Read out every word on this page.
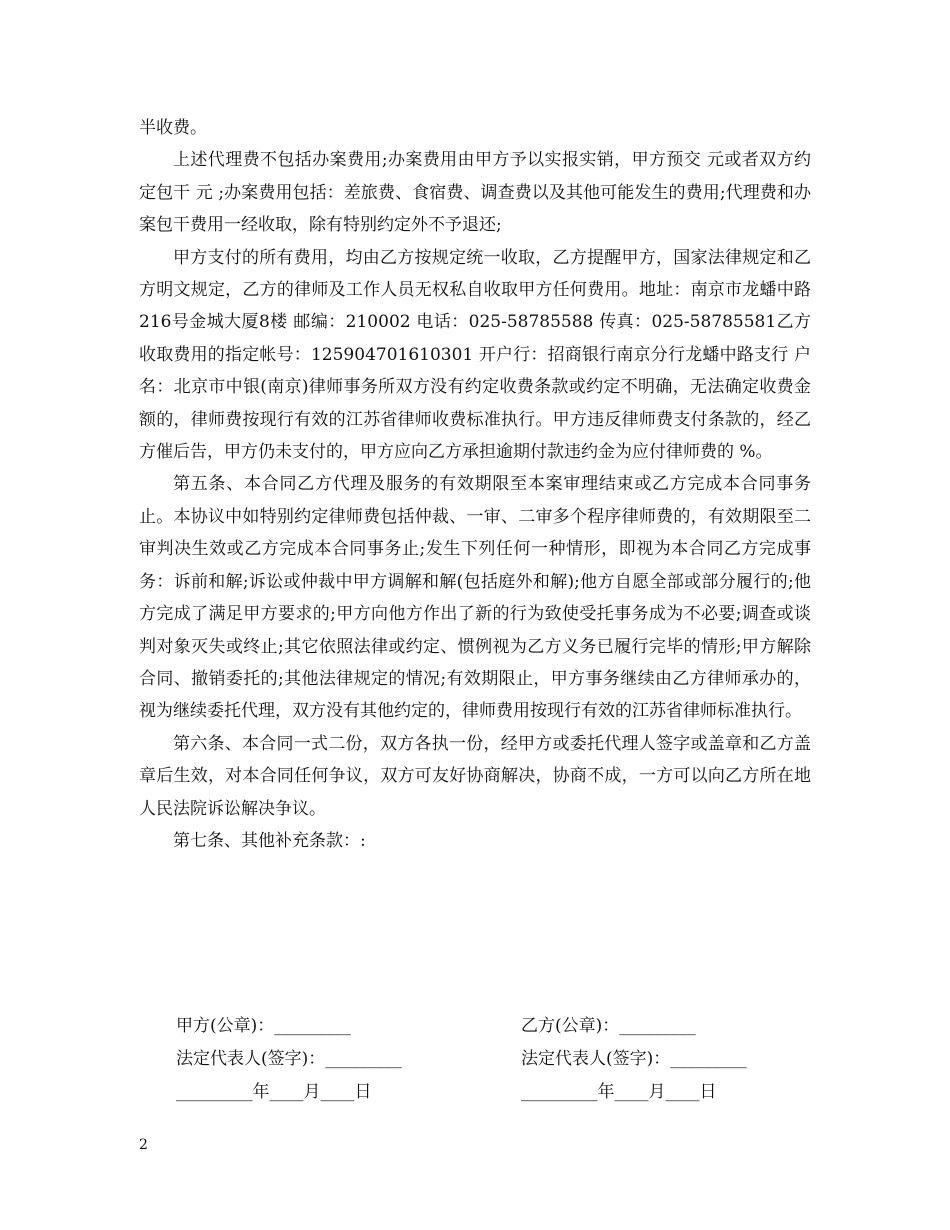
半收费。

上述代理费不包括办案费用;办案费用由甲方予以实报实销，甲方预交 元或者双方约定包干 元 ;办案费用包括：差旅费、食宿费、调查费以及其他可能发生的费用;代理费和办案包干费用一经收取，除有特别约定外不予退还;

甲方支付的所有费用，均由乙方按规定统一收取，乙方提醒甲方，国家法律规定和乙方明文规定，乙方的律师及工作人员无权私自收取甲方任何费用。地址：南京市龙蟠中路216号金城大厦8楼 邮编：210002 电话：025-58785588 传真：025-58785581乙方收取费用的指定帐号：125904701610301 开户行：招商银行南京分行龙蟠中路支行 户名：北京市中银(南京)律师事务所双方没有约定收费条款或约定不明确，无法确定收费金额的，律师费按现行有效的江苏省律师收费标准执行。甲方违反律师费支付条款的，经乙方催后告，甲方仍未支付的，甲方应向乙方承担逾期付款违约金为应付律师费的 %。

第五条、本合同乙方代理及服务的有效期限至本案审理结束或乙方完成本合同事务止。本协议中如特别约定律师费包括仲裁、一审、二审多个程序律师费的，有效期限至二审判决生效或乙方完成本合同事务止;发生下列任何一种情形，即视为本合同乙方完成事务：诉前和解;诉讼或仲裁中甲方调解和解(包括庭外和解);他方自愿全部或部分履行的;他方完成了满足甲方要求的;甲方向他方作出了新的行为致使受托事务成为不必要;调查或谈判对象灭失或终止;其它依照法律或约定、惯例视为乙方义务已履行完毕的情形;甲方解除合同、撤销委托的;其他法律规定的情况;有效期限止，甲方事务继续由乙方律师承办的，视为继续委托代理，双方没有其他约定的，律师费用按现行有效的江苏省律师标准执行。

第六条、本合同一式二份，双方各执一份，经甲方或委托代理人签字或盖章和乙方盖章后生效，对本合同任何争议，双方可友好协商解决，协商不成，一方可以向乙方所在地人民法院诉讼解决争议。

第七条、其他补充条款：:

甲方(公章)：_________	乙方(公章)：_________
法定代表人(签字)：_________	法定代表人(签字)：_________
_________年____月____日	_________年____月____日
2
